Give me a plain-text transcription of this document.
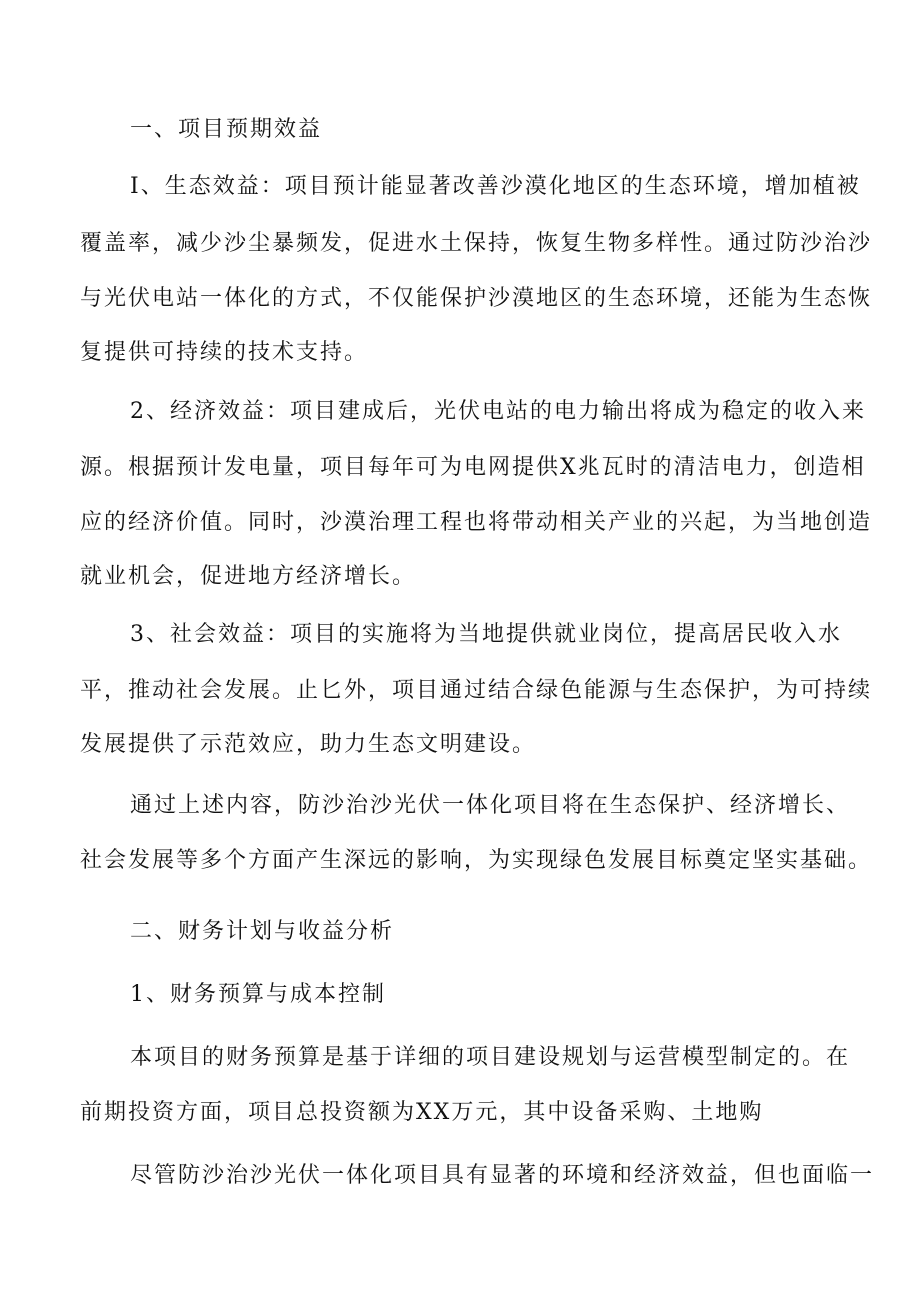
一、项目预期效益
I、生态效益：项目预计能显著改善沙漠化地区的生态环境，增加植被
覆盖率，减少沙尘暴频发，促进水土保持，恢复生物多样性。通过防沙治沙
与光伏电站一体化的方式，不仅能保护沙漠地区的生态环境，还能为生态恢
复提供可持续的技术支持。
2、经济效益：项目建成后，光伏电站的电力输出将成为稳定的收入来
源。根据预计发电量，项目每年可为电网提供X兆瓦时的清洁电力，创造相
应的经济价值。同时，沙漠治理工程也将带动相关产业的兴起，为当地创造
就业机会，促进地方经济增长。
3、社会效益：项目的实施将为当地提供就业岗位，提高居民收入水
平，推动社会发展。止匕外，项目通过结合绿色能源与生态保护，为可持续
发展提供了示范效应，助力生态文明建设。
通过上述内容，防沙治沙光伏一体化项目将在生态保护、经济增长、
社会发展等多个方面产生深远的影响，为实现绿色发展目标奠定坚实基础。
二、财务计划与收益分析
1、财务预算与成本控制
本项目的财务预算是基于详细的项目建设规划与运营模型制定的。在
前期投资方面，项目总投资额为XX万元，其中设备采购、土地购
尽管防沙治沙光伏一体化项目具有显著的环境和经济效益，但也面临一
